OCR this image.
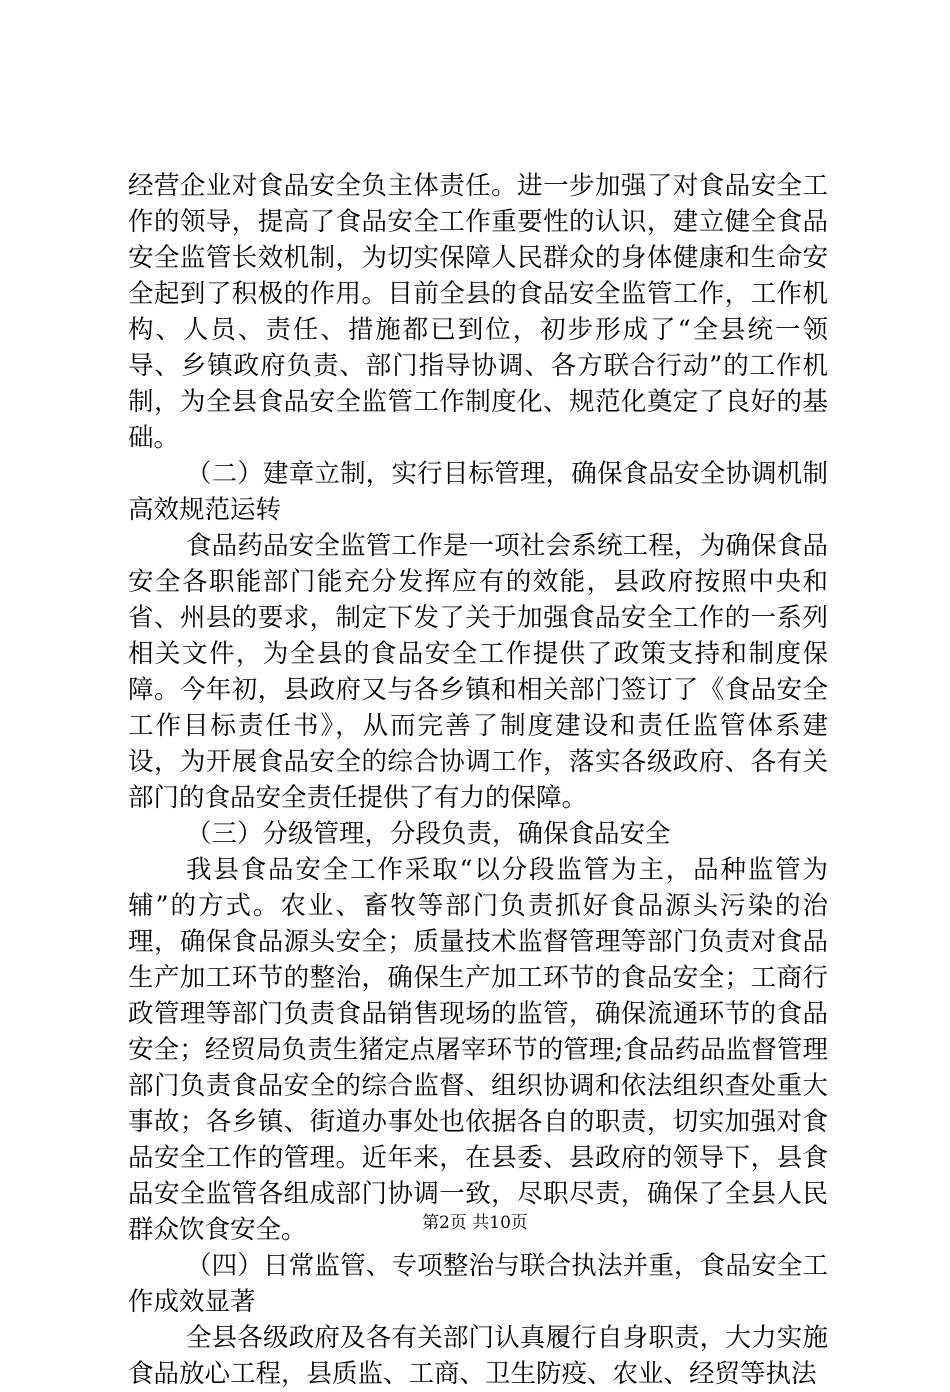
经营企业对食品安全负主体责任。进一步加强了对食品安全工作的领导，提高了食品安全工作重要性的认识，建立健全食品安全监管长效机制，为切实保障人民群众的身体健康和生命安全起到了积极的作用。目前全县的食品安全监管工作，工作机构、人员、责任、措施都已到位，初步形成了“全县统一领导、乡镇政府负责、部门指导协调、各方联合行动”的工作机制，为全县食品安全监管工作制度化、规范化奠定了良好的基础。

（二）建章立制，实行目标管理，确保食品安全协调机制高效规范运转

食品药品安全监管工作是一项社会系统工程，为确保食品安全各职能部门能充分发挥应有的效能，县政府按照中央和省、州县的要求，制定下发了关于加强食品安全工作的一系列相关文件，为全县的食品安全工作提供了政策支持和制度保障。今年初，县政府又与各乡镇和相关部门签订了《食品安全工作目标责任书》，从而完善了制度建设和责任监管体系建设，为开展食品安全的综合协调工作，落实各级政府、各有关部门的食品安全责任提供了有力的保障。

（三）分级管理，分段负责，确保食品安全

我县食品安全工作采取“以分段监管为主，品种监管为辅”的方式。农业、畜牧等部门负责抓好食品源头污染的治理，确保食品源头安全；质量技术监督管理等部门负责对食品生产加工环节的整治，确保生产加工环节的食品安全；工商行政管理等部门负责食品销售现场的监管，确保流通环节的食品安全；经贸局负责生猪定点屠宰环节的管理;食品药品监督管理部门负责食品安全的综合监督、组织协调和依法组织查处重大事故；各乡镇、街道办事处也依据各自的职责，切实加强对食品安全工作的管理。近年来，在县委、县政府的领导下，县食品安全监管各组成部门协调一致，尽职尽责，确保了全县人民群众饮食安全。

（四）日常监管、专项整治与联合执法并重，食品安全工作成效显著

全县各级政府及各有关部门认真履行自身职责，大力实施食品放心工程，县质监、工商、卫生防疫、农业、经贸等执法

第2页 共10页
